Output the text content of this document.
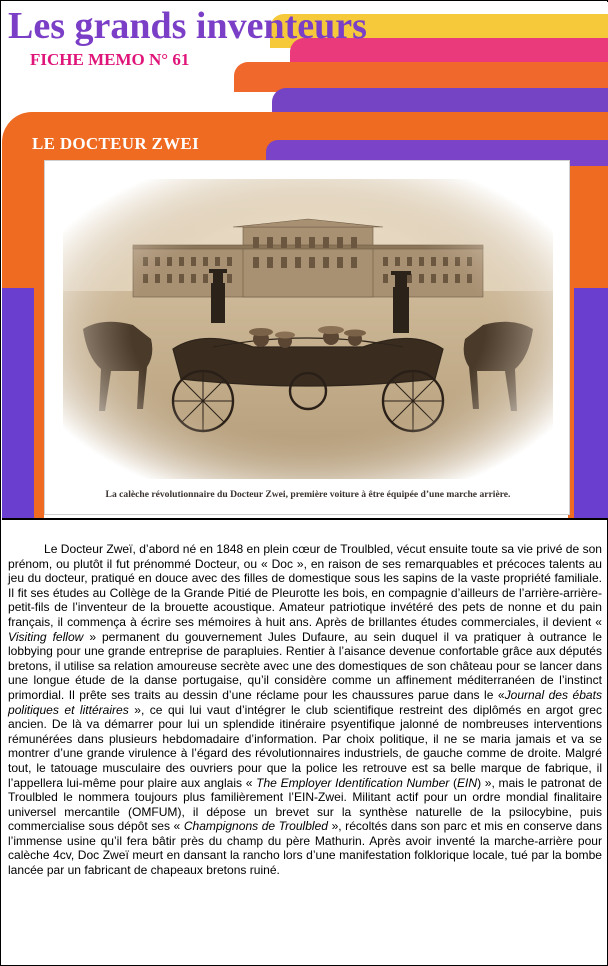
Les grands inventeurs
FICHE MEMO N° 61
LE DOCTEUR ZWEI
La calèche révolutionnaire du Docteur Zwei, première voiture à être équipée d’une marche arrière.

Le Docteur Zweï, d’abord né en 1848 en plein cœur de Troulbled, vécut ensuite toute sa vie privé de son prénom, ou plutôt il fut prénommé Docteur, ou « Doc », en raison de ses remarquables et précoces talents au jeu du docteur, pratiqué en douce avec des filles de domestique sous les sapins de la vaste propriété familiale. Il fit ses études au Collège de la Grande Pitié de Pleurotte les bois, en compagnie d’ailleurs de l’arrière-arrière-petit-fils de l’inventeur de la brouette acoustique. Amateur patriotique invétéré des pets de nonne et du pain français, il commença à écrire ses mémoires à huit ans. Après de brillantes études commerciales, il devient « Visiting fellow » permanent du gouvernement Jules Dufaure, au sein duquel il va pratiquer à outrance le lobbying pour une grande entreprise de parapluies. Rentier à l’aisance devenue confortable grâce aux députés bretons, il utilise sa relation amoureuse secrète avec une des domestiques de son château pour se lancer dans une longue étude de la danse portugaise, qu’il considère comme un affinement méditerranéen de l’instinct primordial. Il prête ses traits au dessin d’une réclame pour les chaussures parue dans le «Journal des ébats politiques et littéraires », ce qui lui vaut d’intégrer le club scientifique restreint des diplômés en argot grec ancien. De là va démarrer pour lui un splendide itinéraire psyentifique jalonné de nombreuses interventions rémunérées dans plusieurs hebdomadaire d’information. Par choix politique, il ne se maria jamais et va se montrer d’une grande virulence à l’égard des révolutionnaires industriels, de gauche comme de droite. Malgré tout, le tatouage musculaire des ouvriers pour que la police les retrouve est sa belle marque de fabrique, il l’appellera lui-même pour plaire aux anglais « The Employer Identification Number (EIN) », mais le patronat de Troulbled le nommera toujours plus familièrement l’EIN-Zwei. Militant actif pour un ordre mondial finalitaire universel mercantile (OMFUM), il dépose un brevet sur la synthèse naturelle de la psilocybine, puis commercialise sous dépôt ses « Champignons de Troulbled », récoltés dans son parc et mis en conserve dans l’immense usine qu’il fera bâtir près du champ du père Mathurin. Après avoir inventé la marche-arrière pour calèche 4cv, Doc Zweï meurt en dansant la rancho lors d’une manifestation folklorique locale, tué par la bombe lancée par un fabricant de chapeaux bretons ruiné.
